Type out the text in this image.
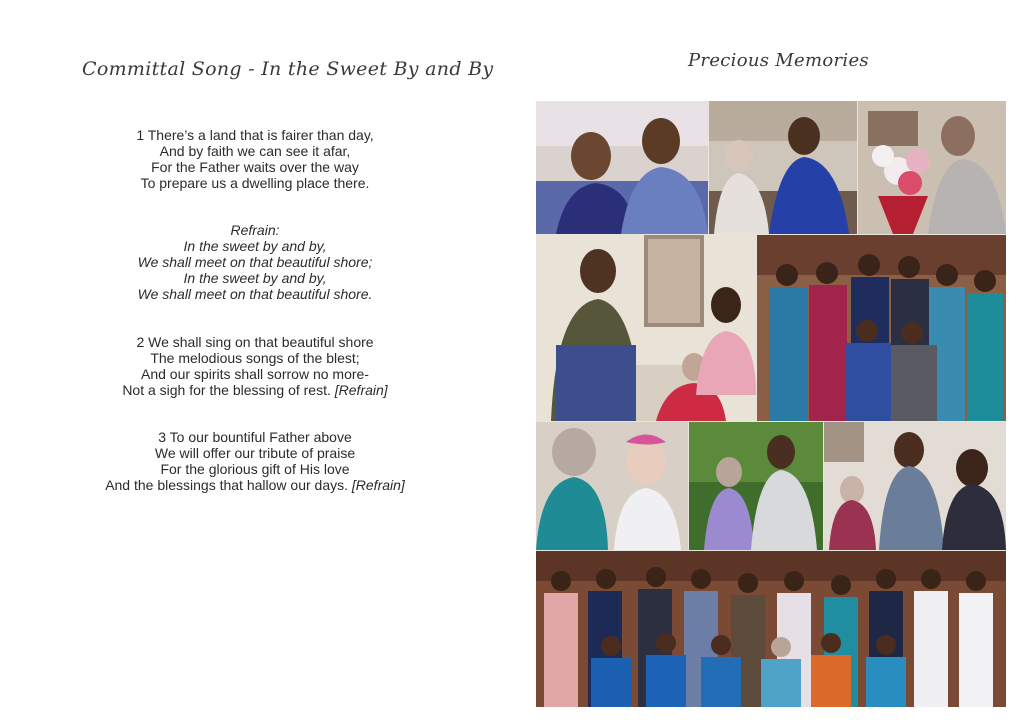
Committal Song - In the Sweet By and By
1 There’s a land that is fairer than day,
And by faith we can see it afar,
For the Father waits over the way
To prepare us a dwelling place there.
Refrain:
In the sweet by and by,
We shall meet on that beautiful shore;
In the sweet by and by,
We shall meet on that beautiful shore.
2 We shall sing on that beautiful shore
The melodious songs of the blest;
And our spirits shall sorrow no more-
Not a sigh for the blessing of rest. [Refrain]
3 To our bountiful Father above
We will offer our tribute of praise
For the glorious gift of His love
And the blessings that hallow our days. [Refrain]
Precious Memories
